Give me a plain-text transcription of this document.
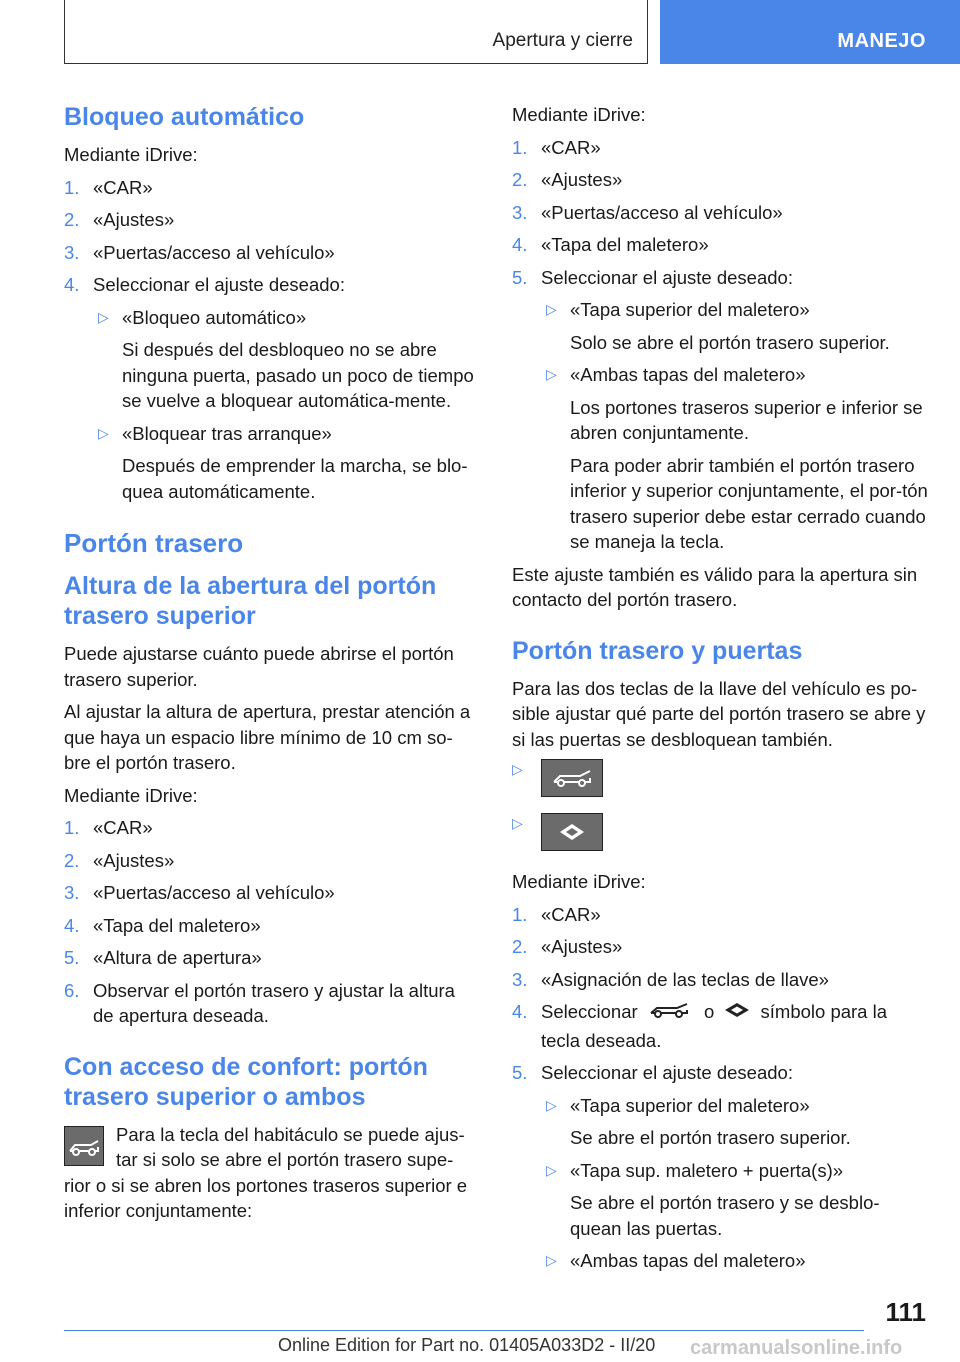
Apertura y cierre	MANEJO
Bloqueo automático
Mediante iDrive:
1. «CAR»
2. «Ajustes»
3. «Puertas/acceso al vehículo»
4. Seleccionar el ajuste deseado:
▷ «Bloqueo automático»
Si después del desbloqueo no se abre ninguna puerta, pasado un poco de tiempo se vuelve a bloquear automática-mente.
▷ «Bloquear tras arranque»
Después de emprender la marcha, se blo-quea automáticamente.
Portón trasero
Altura de la abertura del portón trasero superior
Puede ajustarse cuánto puede abrirse el portón trasero superior.
Al ajustar la altura de apertura, prestar atención a que haya un espacio libre mínimo de 10 cm so-bre el portón trasero.
Mediante iDrive:
1. «CAR»
2. «Ajustes»
3. «Puertas/acceso al vehículo»
4. «Tapa del maletero»
5. «Altura de apertura»
6. Observar el portón trasero y ajustar la altura de apertura deseada.
Con acceso de confort: portón trasero superior o ambos
Para la tecla del habitáculo se puede ajus-tar si solo se abre el portón trasero supe-rior o si se abren los portones traseros superior e inferior conjuntamente:
Mediante iDrive:
1. «CAR»
2. «Ajustes»
3. «Puertas/acceso al vehículo»
4. «Tapa del maletero»
5. Seleccionar el ajuste deseado:
▷ «Tapa superior del maletero»
Solo se abre el portón trasero superior.
▷ «Ambas tapas del maletero»
Los portones traseros superior e inferior se abren conjuntamente.
Para poder abrir también el portón trasero inferior y superior conjuntamente, el por-tón trasero superior debe estar cerrado cuando se maneja la tecla.
Este ajuste también es válido para la apertura sin contacto del portón trasero.
Portón trasero y puertas
Para las dos teclas de la llave del vehículo es po-sible ajustar qué parte del portón trasero se abre y si las puertas se desbloquean también.
▷
▷
Mediante iDrive:
1. «CAR»
2. «Ajustes»
3. «Asignación de las teclas de llave»
4. Seleccionar	o	símbolo para la tecla deseada.
5. Seleccionar el ajuste deseado:
▷ «Tapa superior del maletero»
Se abre el portón trasero superior.
▷ «Tapa sup. maletero + puerta(s)»
Se abre el portón trasero y se desblo-quean las puertas.
▷ «Ambas tapas del maletero»
111
Online Edition for Part no. 01405A033D2 - II/20 carmanualsonline.info
